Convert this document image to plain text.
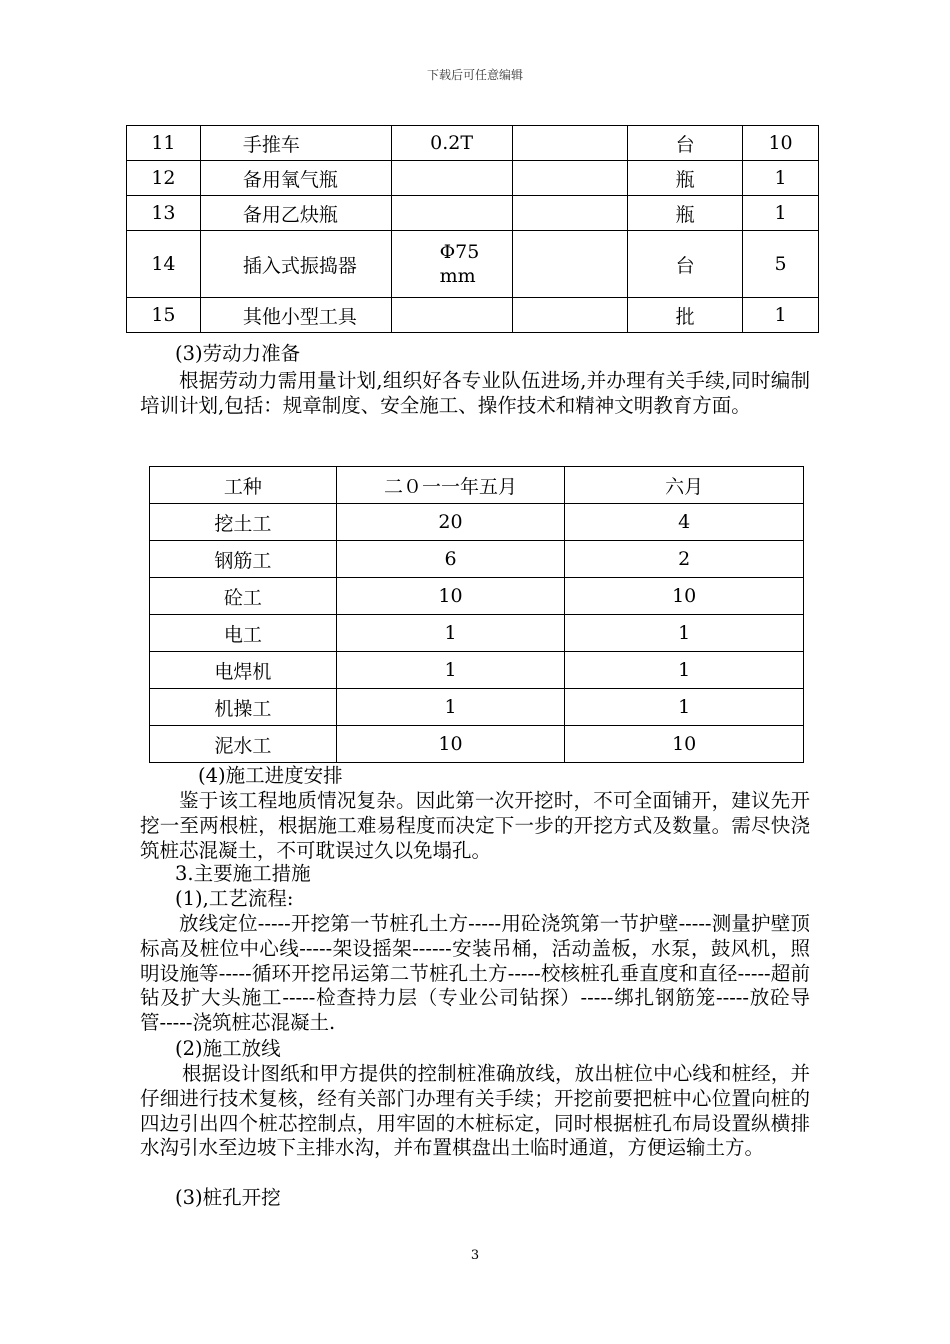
下载后可任意编辑
11	手推车	0.2T		台	10
12	备用氧气瓶			瓶	1
13	备用乙炔瓶			瓶	1
14	插入式振捣器	Φ75mm		台	5
15	其他小型工具			批	1

(3)劳动力准备

根据劳动力需用量计划,组织好各专业队伍进场,并办理有关手续,同时编制培训计划,包括：规章制度、安全施工、操作技术和精神文明教育方面。

工种	二０一一年五月	六月
挖土工	20	4
钢筋工	6	2
砼工	10	10
电工	1	1
电焊机	1	1
机操工	1	1
泥水工	10	10

(4)施工进度安排

鉴于该工程地质情况复杂。因此第一次开挖时，不可全面铺开，建议先开挖一至两根桩，根据施工难易程度而决定下一步的开挖方式及数量。需尽快浇筑桩芯混凝土，不可耽误过久以免塌孔。

3.主要施工措施

(1),工艺流程:

放线定位-----开挖第一节桩孔土方-----用砼浇筑第一节护壁-----测量护壁顶标高及桩位中心线-----架设摇架------安装吊桶，活动盖板，水泵，鼓风机，照明设施等-----循环开挖吊运第二节桩孔土方-----校核桩孔垂直度和直径-----超前钻及扩大头施工-----检查持力层（专业公司钻探）-----绑扎钢筋笼-----放砼导管-----浇筑桩芯混凝土.

(2)施工放线

根据设计图纸和甲方提供的控制桩准确放线，放出桩位中心线和桩经，并仔细进行技术复核，经有关部门办理有关手续；开挖前要把桩中心位置向桩的四边引出四个桩芯控制点，用牢固的木桩标定，同时根据桩孔布局设置纵横排水沟引水至边坡下主排水沟，并布置棋盘出土临时通道，方便运输土方。

(3)桩孔开挖

3
